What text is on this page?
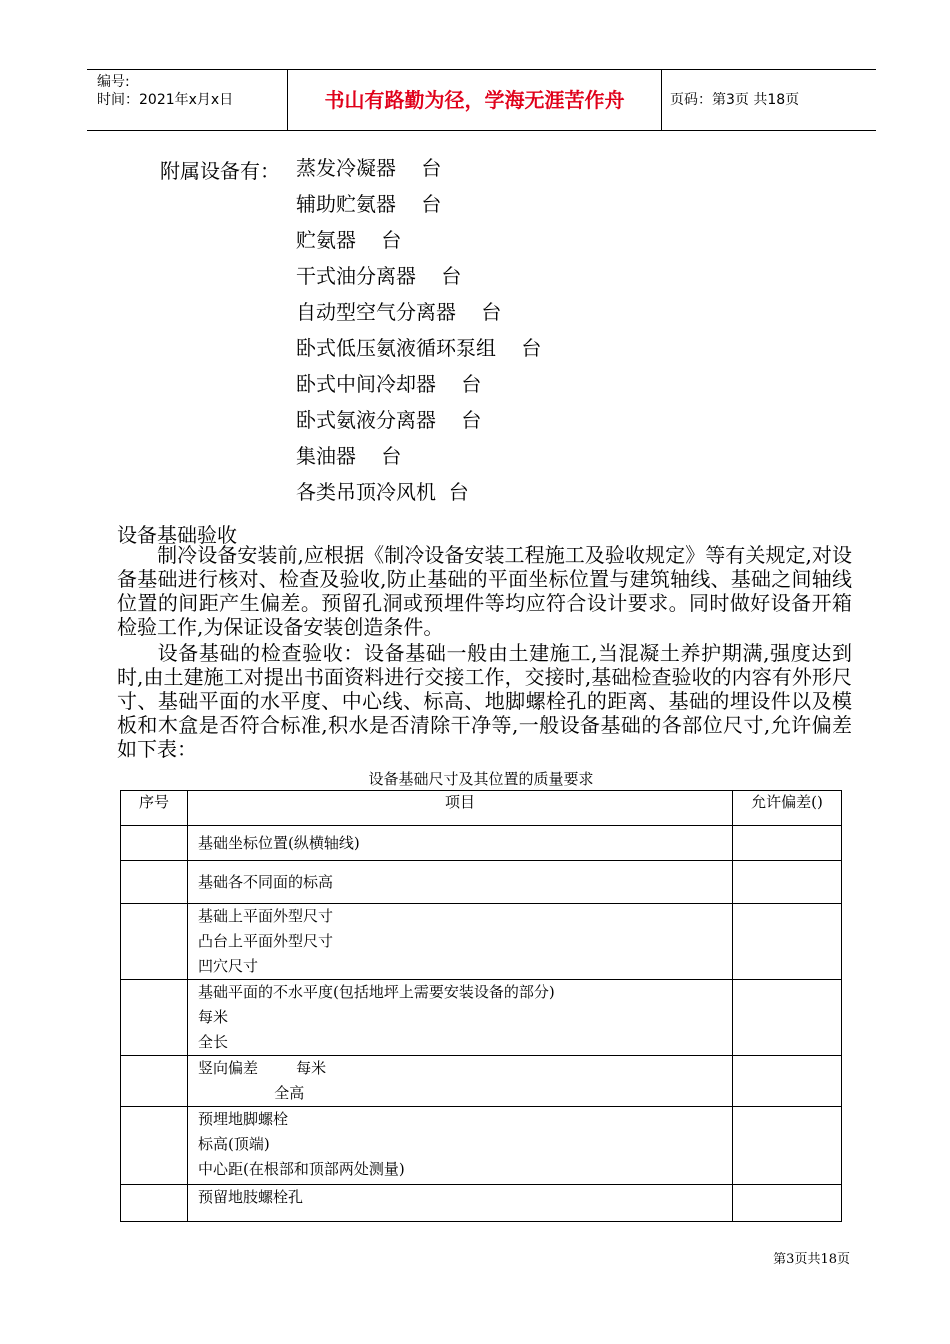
编号:
时间：2021年x月x日	书山有路勤为径，学海无涯苦作舟	页码：第3页 共18页
附属设备有： 蒸发冷凝器    台
辅助贮氨器    台
贮氨器    台
干式油分离器    台
自动型空气分离器    台
卧式低压氨液循环泵组    台
卧式中间冷却器    台
卧式氨液分离器    台
集油器    台
各类吊顶冷风机  台
设备基础验收
制冷设备安装前,应根据《制冷设备安装工程施工及验收规定》等有关规定,对设备基础进行核对、检查及验收,防止基础的平面坐标位置与建筑轴线、基础之间轴线位置的间距产生偏差。预留孔洞或预埋件等均应符合设计要求。同时做好设备开箱检验工作,为保证设备安装创造条件。
设备基础的检查验收：设备基础一般由土建施工,当混凝土养护期满,强度达到时,由土建施工对提出书面资料进行交接工作，交接时,基础检查验收的内容有外形尺寸、基础平面的水平度、中心线、标高、地脚螺栓孔的距离、基础的埋设件以及模板和木盒是否符合标准,积水是否清除干净等,一般设备基础的各部位尺寸,允许偏差如下表：
设备基础尺寸及其位置的质量要求
序号	项目	允许偏差()

	基础坐标位置(纵横轴线)	

	基础各不同面的标高	

	基础上平面外型尺寸
凸台上平面外型尺寸
凹穴尺寸	

	基础平面的不水平度(包括地坪上需要安装设备的部分)
每米
全长	

	竖向偏差        每米
全高	

	预埋地脚螺栓
标高(顶端)
中心距(在根部和顶部两处测量)	

	预留地肢螺栓孔	

第3页共18页
